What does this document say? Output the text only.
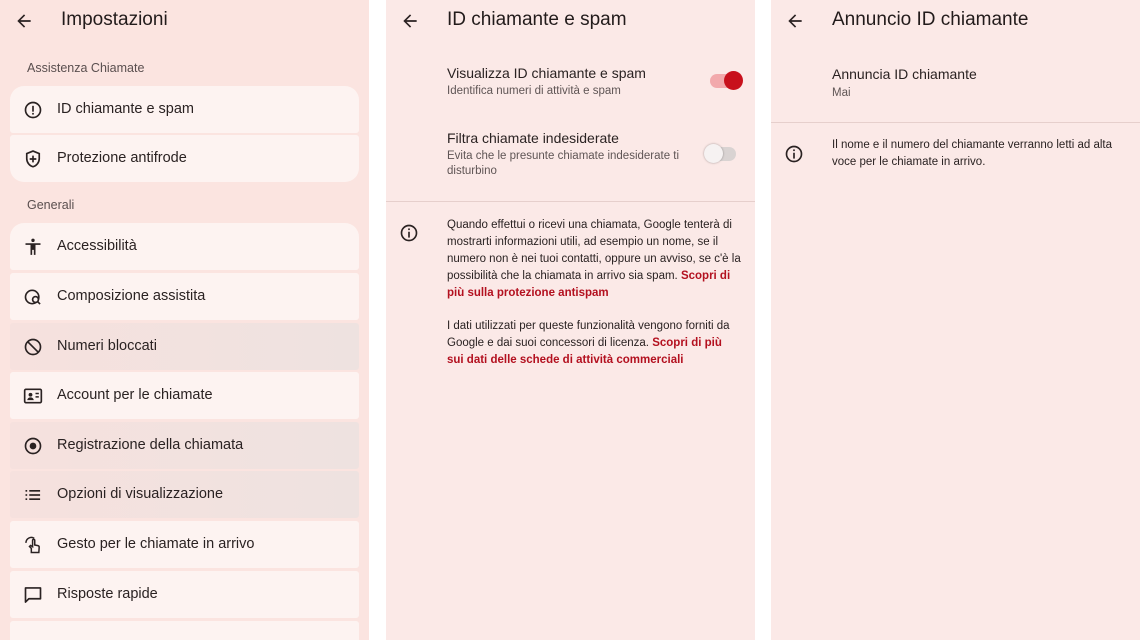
Impostazioni
Assistenza Chiamate
ID chiamante e spam
Protezione antifrode
Generali
Accessibilità
Composizione assistita
Numeri bloccati
Account per le chiamate
Registrazione della chiamata
Opzioni di visualizzazione
Gesto per le chiamate in arrivo
Risposte rapide
ID chiamante e spam
Visualizza ID chiamante e spam
Identifica numeri di attività e spam
Filtra chiamate indesiderate
Evita che le presunte chiamate indesiderate ti disturbino
Quando effettui o ricevi una chiamata, Google tenterà di mostrarti informazioni utili, ad esempio un nome, se il numero non è nei tuoi contatti, oppure un avviso, se c'è la possibilità che la chiamata in arrivo sia spam. Scopri di più sulla protezione antispam
I dati utilizzati per queste funzionalità vengono forniti da Google e dai suoi concessori di licenza. Scopri di più sui dati delle schede di attività commerciali
Annuncio ID chiamante
Annuncia ID chiamante
Mai
Il nome e il numero del chiamante verranno letti ad alta voce per le chiamate in arrivo.
